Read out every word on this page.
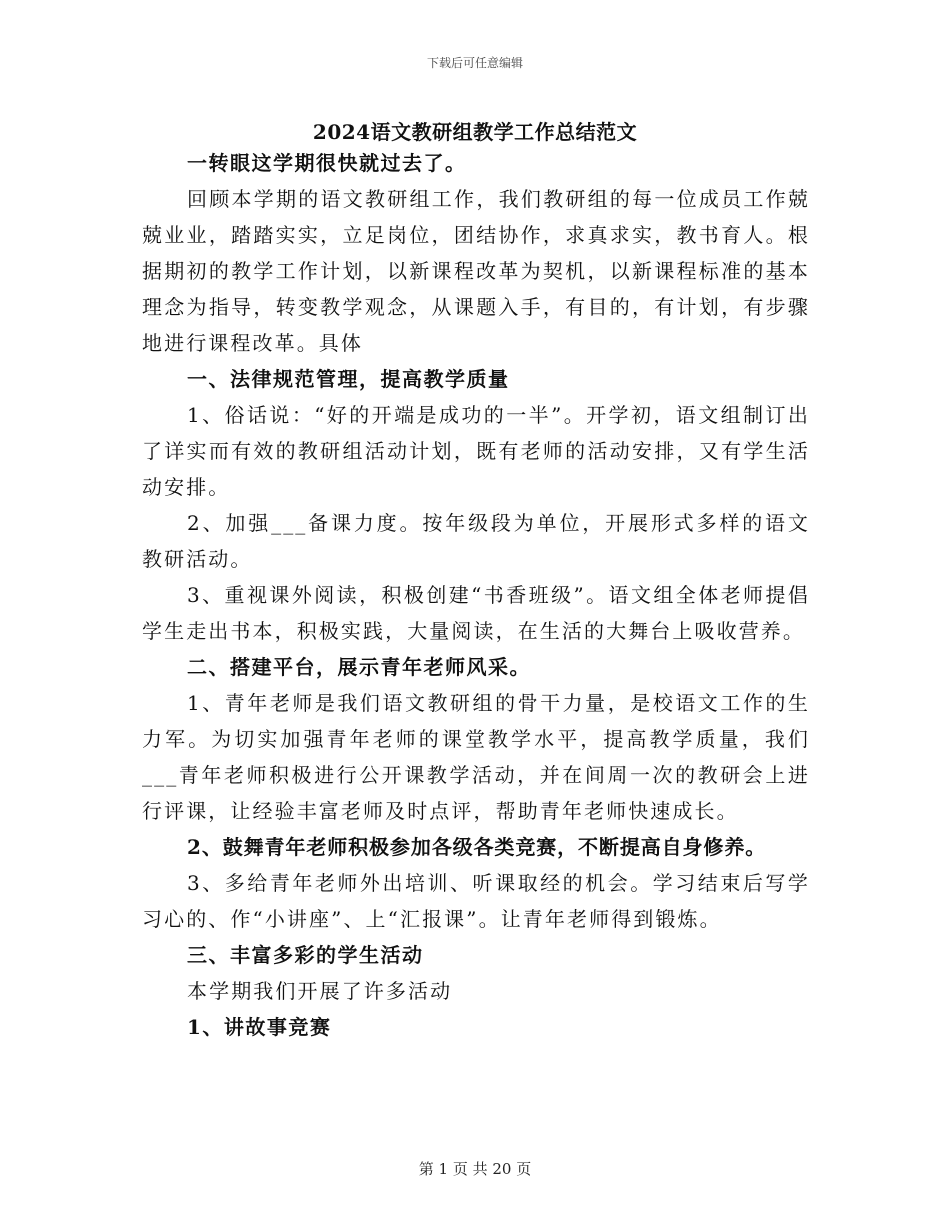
下载后可任意编辑
2024语文教研组教学工作总结范文

一转眼这学期很快就过去了。

回顾本学期的语文教研组工作，我们教研组的每一位成员工作兢兢业业，踏踏实实，立足岗位，团结协作，求真求实，教书育人。根据期初的教学工作计划，以新课程改革为契机，以新课程标准的基本理念为指导，转变教学观念，从课题入手，有目的，有计划，有步骤地进行课程改革。具体

一、法律规范管理，提高教学质量

1、俗话说：“好的开端是成功的一半”。开学初，语文组制订出了详实而有效的教研组活动计划，既有老师的活动安排，又有学生活动安排。

2、加强___备课力度。按年级段为单位，开展形式多样的语文教研活动。

3、重视课外阅读，积极创建“书香班级”。语文组全体老师提倡学生走出书本，积极实践，大量阅读，在生活的大舞台上吸收营养。

二、搭建平台，展示青年老师风采。

1、青年老师是我们语文教研组的骨干力量，是校语文工作的生力军。为切实加强青年老师的课堂教学水平，提高教学质量，我们___青年老师积极进行公开课教学活动，并在间周一次的教研会上进行评课，让经验丰富老师及时点评，帮助青年老师快速成长。

2、鼓舞青年老师积极参加各级各类竞赛，不断提高自身修养。

3、多给青年老师外出培训、听课取经的机会。学习结束后写学习心的、作“小讲座”、上“汇报课”。让青年老师得到锻炼。

三、丰富多彩的学生活动

本学期我们开展了许多活动

1、讲故事竞赛

第 1 页 共 20 页
